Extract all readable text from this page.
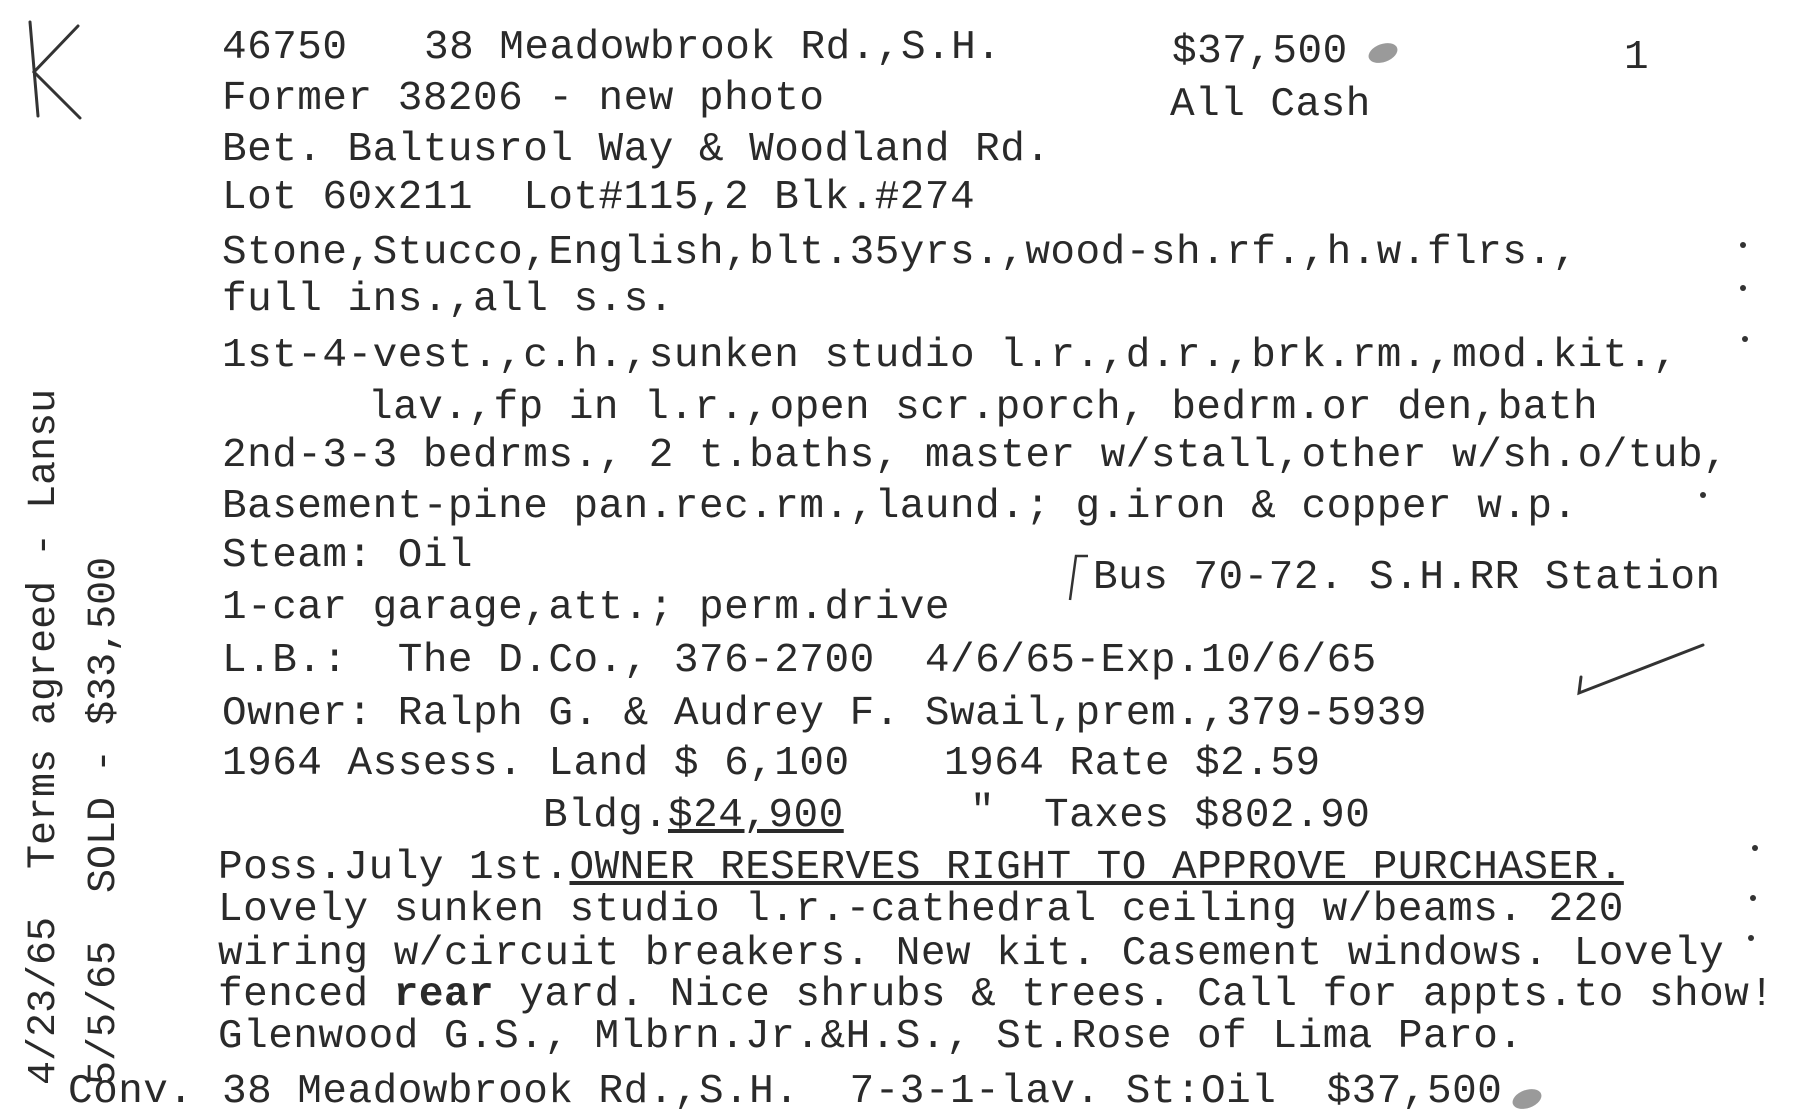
46750 38 Meadowbrook Rd.,S.H.	$37,500	1
Former 38206 - new photo	All Cash
Bet. Baltusrol Way & Woodland Rd.
Lot 60x211  Lot#115,2 Blk.#274
Stone,Stucco,English,blt.35yrs.,wood-sh.rf.,h.w.flrs.,
full ins.,all s.s.
1st-4-vest.,c.h.,sunken studio l.r.,d.r.,brk.rm.,mod.kit.,
lav.,fp in l.r.,open scr.porch, bedrm.or den,bath
2nd-3-3 bedrms., 2 t.baths, master w/stall,other w/sh.o/tub,
Basement-pine pan.rec.rm.,laund.; g.iron & copper w.p.
Steam: Oil	Bus 70-72. S.H.RR Station
1-car garage,att.; perm.drive
L.B.:  The D.Co., 376-2700  4/6/65-Exp.10/6/65
Owner: Ralph G. & Audrey F. Swail,prem.,379-5939
1964 Assess. Land $ 6,100 1964 Rate $2.59
Bldg. $24,900	" Taxes $802.90
Poss.July 1st.OWNER RESERVES RIGHT TO APPROVE PURCHASER.
Lovely sunken studio l.r.-cathedral ceiling w/beams. 220
wiring w/circuit breakers. New kit. Casement windows. Lovely
fenced rear yard. Nice shrubs & trees. Call for appts.to show!
Glenwood G.S., Mlbrn.Jr.&H.S., St.Rose of Lima Paro.
Conv. 38 Meadowbrook Rd.,S.H.  7-3-1-lav. St:Oil  $37,500
4/23/65  Terms agreed - Lansu 5/5/65  SOLD - $33,500
